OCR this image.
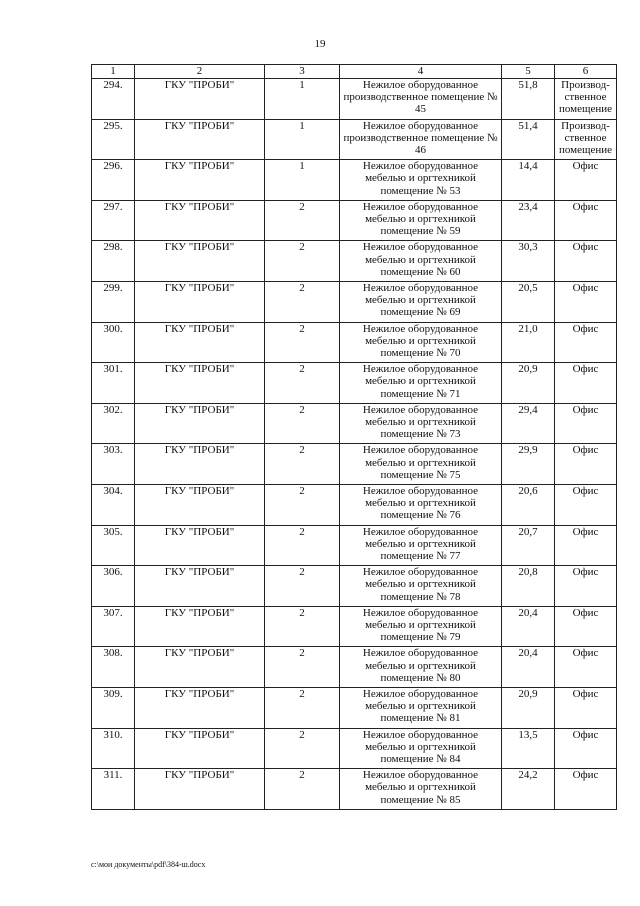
19
1	2	3	4	5	6
294.	ГКУ "ПРОБИ"	1	Нежилое оборудованное производственное помещение № 45	51,8	Производ-ственное помещение
295.	ГКУ "ПРОБИ"	1	Нежилое оборудованное производственное помещение № 46	51,4	Производ-ственное помещение
296.	ГКУ "ПРОБИ"	1	Нежилое оборудованное мебелью и оргтехникой помещение № 53	14,4	Офис
297.	ГКУ "ПРОБИ"	2	Нежилое оборудованное мебелью и оргтехникой помещение № 59	23,4	Офис
298.	ГКУ "ПРОБИ"	2	Нежилое оборудованное мебелью и оргтехникой помещение № 60	30,3	Офис
299.	ГКУ "ПРОБИ"	2	Нежилое оборудованное мебелью и оргтехникой помещение № 69	20,5	Офис
300.	ГКУ "ПРОБИ"	2	Нежилое оборудованное мебелью и оргтехникой помещение № 70	21,0	Офис
301.	ГКУ "ПРОБИ"	2	Нежилое оборудованное мебелью и оргтехникой помещение № 71	20,9	Офис
302.	ГКУ "ПРОБИ"	2	Нежилое оборудованное мебелью и оргтехникой помещение № 73	29,4	Офис
303.	ГКУ "ПРОБИ"	2	Нежилое оборудованное мебелью и оргтехникой помещение № 75	29,9	Офис
304.	ГКУ "ПРОБИ"	2	Нежилое оборудованное мебелью и оргтехникой помещение № 76	20,6	Офис
305.	ГКУ "ПРОБИ"	2	Нежилое оборудованное мебелью и оргтехникой помещение № 77	20,7	Офис
306.	ГКУ "ПРОБИ"	2	Нежилое оборудованное мебелью и оргтехникой помещение № 78	20,8	Офис
307.	ГКУ "ПРОБИ"	2	Нежилое оборудованное мебелью и оргтехникой помещение № 79	20,4	Офис
308.	ГКУ "ПРОБИ"	2	Нежилое оборудованное мебелью и оргтехникой помещение № 80	20,4	Офис
309.	ГКУ "ПРОБИ"	2	Нежилое оборудованное мебелью и оргтехникой помещение № 81	20,9	Офис
310.	ГКУ "ПРОБИ"	2	Нежилое оборудованное мебелью и оргтехникой помещение № 84	13,5	Офис
311.	ГКУ "ПРОБИ"	2	Нежилое оборудованное мебелью и оргтехникой помещение № 85	24,2	Офис
c:\мои документы\pdf\384-ш.docx
